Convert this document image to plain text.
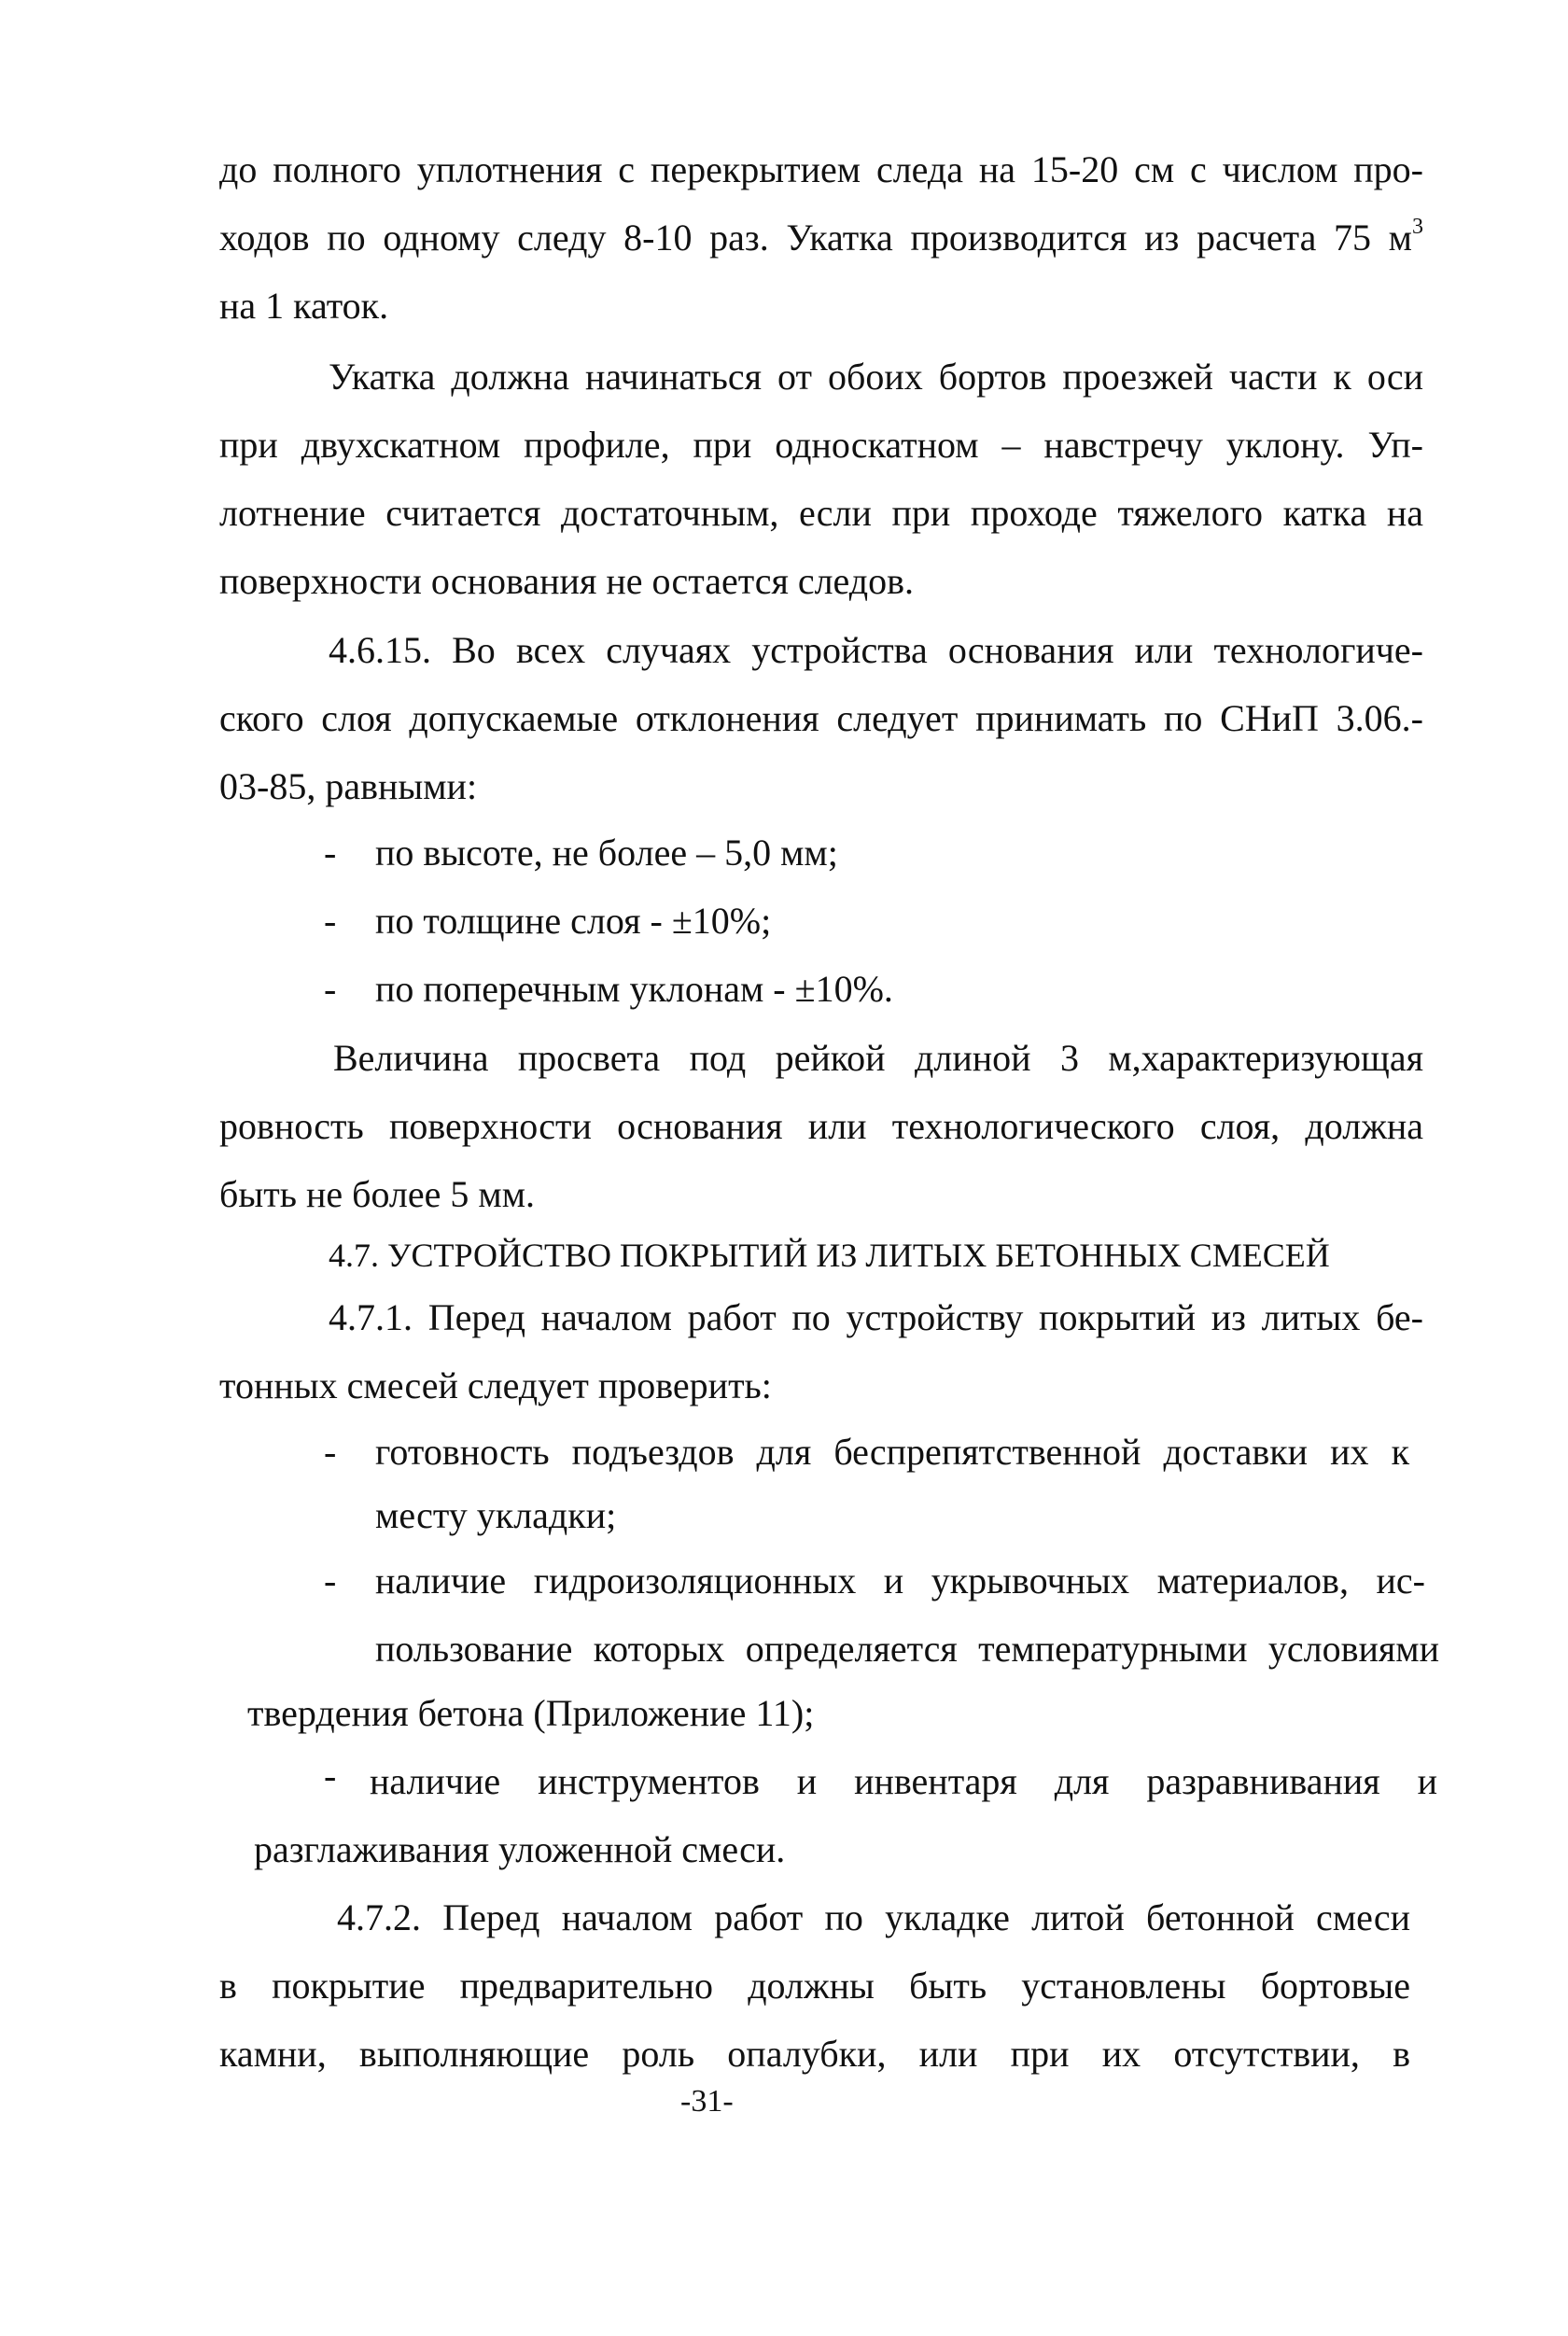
до полного уплотнения с перекрытием следа на 15-20 см с числом про-
ходов по одному следу 8-10 раз. Укатка производится из расчета 75 $м^3$
на 1 каток.
Укатка должна начинаться от обоих бортов проезжей части к оси
при двухскатном профиле, при односкатном – навстречу уклону. Уп-
лотнение считается достаточным, если при проходе тяжелого катка на
поверхности основания не остается следов.
4.6.15. Во всех случаях устройства основания или технологиче-
ского слоя допускаемые отклонения следует принимать по СНиП 3.06.-
03-85, равными:
- по высоте, не более – 5,0 мм;
- по толщине слоя - ±10%;
- по поперечным уклонам - ±10%.
Величина просвета под рейкой длиной 3 м,характеризующая
ровность поверхности основания или технологического слоя, должна
быть не более 5 мм.
4.7. УСТРОЙСТВО ПОКРЫТИЙ ИЗ ЛИТЫХ БЕТОННЫХ СМЕСЕЙ
4.7.1. Перед началом работ по устройству покрытий из литых бе-
тонных смесей следует проверить:
- готовность подъездов для беспрепятственной доставки их к
месту укладки;
- наличие гидроизоляционных и укрывочных материалов, ис-
пользование которых определяется температурными условиями
твердения бетона (Приложение 11);
- наличие инструментов и инвентаря для разравнивания и
разглаживания уложенной смеси.
4.7.2. Перед началом работ по укладке литой бетонной смеси
в покрытие предварительно должны быть установлены бортовые
камни, выполняющие роль опалубки, или при их отсутствии, в
-31-
